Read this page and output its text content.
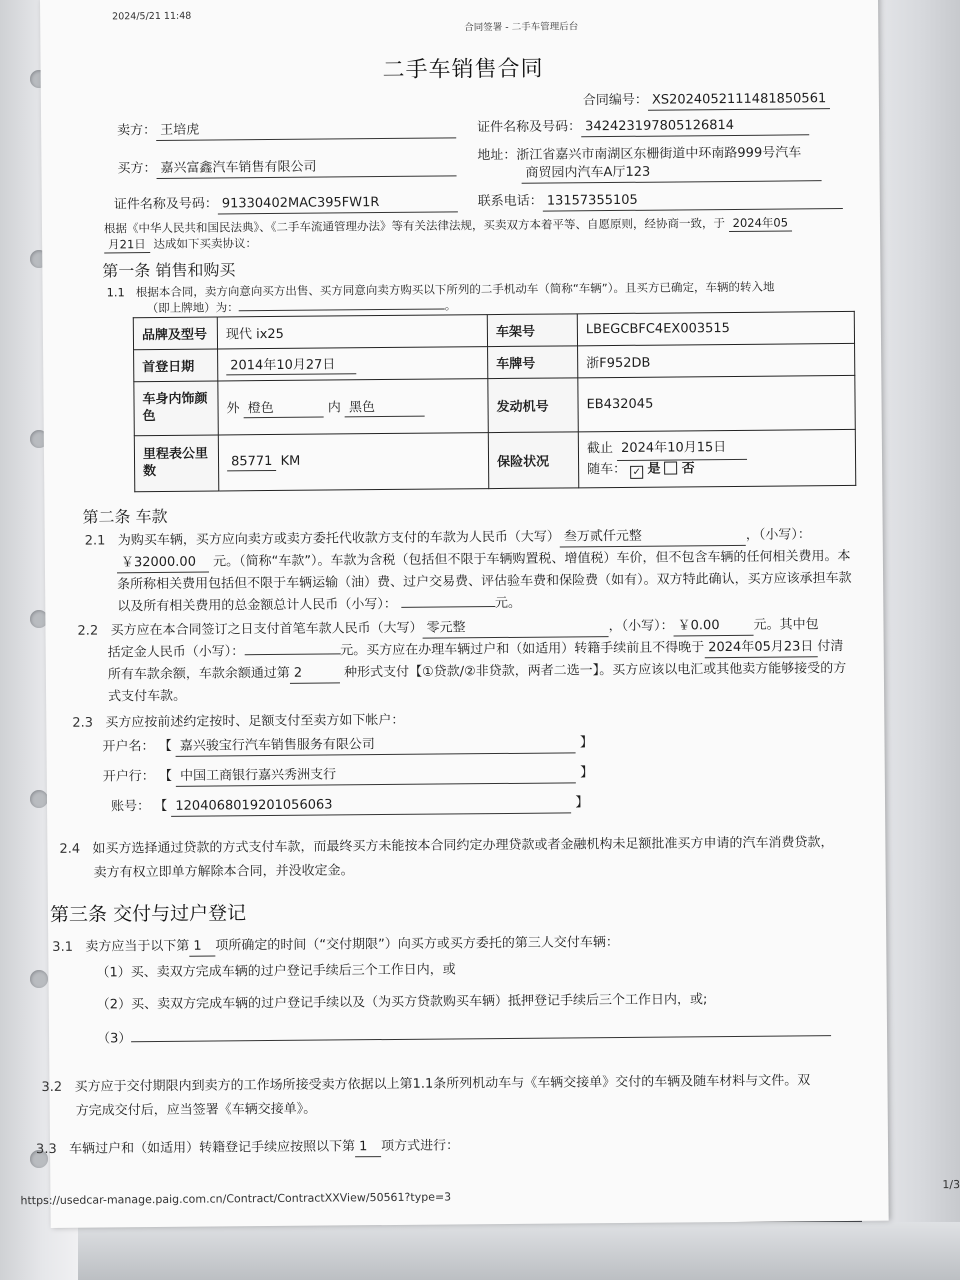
2024/5/21 11:48
合同签署 - 二手车管理后台
二手车销售合同
合同编号： XS2024052111481850561
卖方： 王培虎	证件名称及号码： 342423197805126814
买方： 嘉兴富鑫汽车销售有限公司
地址：浙江省嘉兴市南湖区东栅街道中环南路999号汽车
商贸园内汽车A厅123
证件名称及号码： 91330402MAC395FW1R	联系电话： 13157355105
根据《中华人民共和国民法典》、《二手车流通管理办法》等有关法律法规，买卖双方本着平等、自愿原则，经协商一致，于 2024年05
月21日 达成如下买卖协议：
第一条 销售和购买
1.1 根据本合同，卖方向意向买方出售、买方同意向卖方购买以下所列的二手机动车（简称“车辆”）。且买方已确定，车辆的转入地
（即上牌地）为：	。
品牌及型号	现代 ix25	车架号	LBEGCBFC4EX003515
首登日期	2014年10月27日	车牌号	浙F952DB
车身内饰颜色	外 橙色 内 黑色	发动机号	EB432045
里程表公里数	85771 KM	保险状况	截止 2024年10月15日
随车： ✓ 是 否
第二条 车款
2.1 为购买车辆，买方应向卖方或卖方委托代收款方支付的车款为人民币（大写） 叁万贰仟元整	，（小写）：
￥32000.00 元。（简称“车款”）。车款为含税（包括但不限于车辆购置税、增值税）车价，但不包含车辆的任何相关费用。本
条所称相关费用包括但不限于车辆运输（油）费、过户交易费、评估验车费和保险费（如有）。双方特此确认，买方应该承担车款
以及所有相关费用的总金额总计人民币（小写）：	元。
2.2 买方应在本合同签订之日支付首笔车款人民币（大写） 零元整	，（小写）： ￥0.00	元。其中包
括定金人民币（小写）：	元。买方应在办理车辆过户和（如适用）转籍手续前且不得晚于 2024年05月23日 付清
所有车款余额，车款余额通过第 2	种形式支付【①贷款/②非贷款，两者二选一】。买方应该以电汇或其他卖方能够接受的方
式支付车款。
2.3 买方应按前述约定按时、足额支付至卖方如下帐户：
开户名： 【 嘉兴骏宝行汽车销售服务有限公司	】
开户行： 【 中国工商银行嘉兴秀洲支行	】
账号： 【 1204068019201056063	】
2.4 如买方选择通过贷款的方式支付车款，而最终买方未能按本合同约定办理贷款或者金融机构未足额批准买方申请的汽车消费贷款，
卖方有权立即单方解除本合同，并没收定金。
第三条 交付与过户登记
3.1 卖方应当于以下第 1 项所确定的时间（“交付期限”）向买方或买方委托的第三人交付车辆：
（1）买、卖双方完成车辆的过户登记手续后三个工作日内，或
（2）买、卖双方完成车辆的过户登记手续以及（为买方贷款购买车辆）抵押登记手续后三个工作日内，或;
（3）
3.2 买方应于交付期限内到卖方的工作场所接受卖方依据以上第1.1条所列机动车与《车辆交接单》交付的车辆及随车材料与文件。双
方完成交付后，应当签署《车辆交接单》。
3.3 车辆过户和（如适用）转籍登记手续应按照以下第 1 项方式进行：
https://usedcar-manage.paig.com.cn/Contract/ContractXXView/50561?type=3
1/3
